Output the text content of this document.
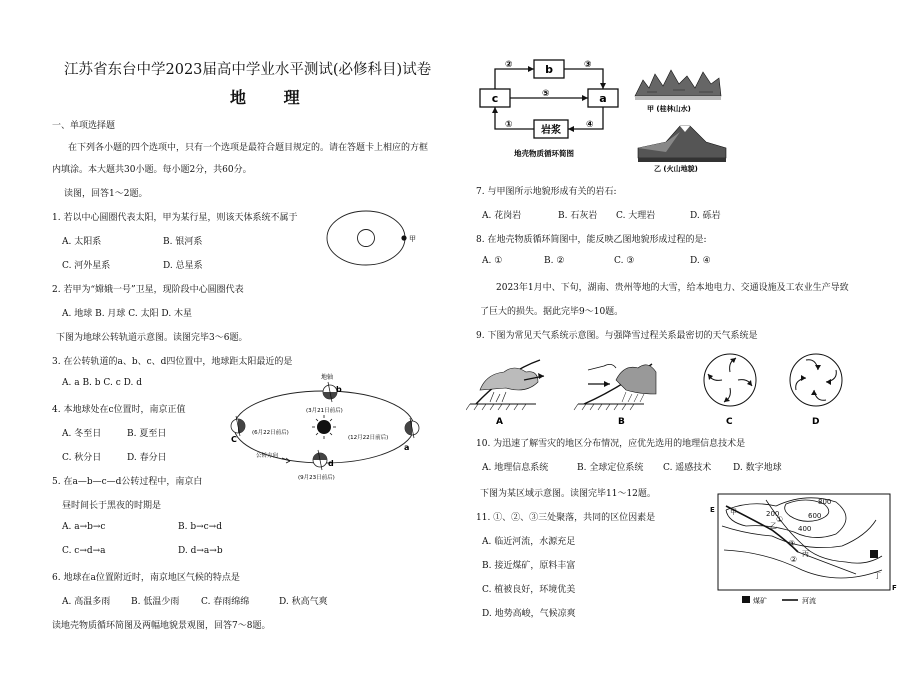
江苏省东台中学2023届高中学业水平测试(必修科目)试卷
地 理
一、单项选择题
在下列各小题的四个选项中，只有一个选项是最符合题目规定的。请在答题卡上相应的方框
内填涂。本大题共30小题。每小题2分，共60分。
读图，回答1～2题。
1. 若以中心圆圈代表太阳，甲为某行星，则该天体系统不属于
A. 太阳系	B. 银河系
C. 河外星系	D. 总星系
甲
2. 若甲为“嫦娥一号”卫星，现阶段中心圆圈代表
A. 地球 B. 月球 C. 太阳 D. 木星
下图为地球公转轨道示意图。读图完毕3～6题。
3. 在公转轨道的a、b、c、d四位置中，地球距太阳最近的是
A. a B. b C. c D. d
地轴
b
(3月21日前后)
C
(6月22日前后)
a
(12月22日前后)
d
(9月23日前后)
公转方向
4. 本地球处在c位置时，南京正值
A. 冬至日	B. 夏至日
C. 秋分日	D. 春分日
5. 在a—b—c—d公转过程中，南京白
昼时间长于黑夜的时期是
A. a→b→c	B. b→c→d
C. c→d→a	D. d→a→b
6. 地球在a位置附近时，南京地区气候的特点是
A. 高温多雨 B. 低温少雨 C. 春雨绵绵	D. 秋高气爽
读地壳物质循环简图及两幅地貌景观图，回答7～8题。
b
c	a
岩浆
②	③
⑤
④
①
地壳物质循环简图
甲 (桂林山水)
乙 (火山地貌)
7. 与甲图所示地貌形成有关的岩石:
A. 花岗岩	B. 石灰岩 C. 大理岩	D. 砾岩
8. 在地壳物质循环简图中，能反映乙图地貌形成过程的是:
A. ①	B. ②	C. ③	D. ④
2023年1月中、下旬，湖南、贵州等地的大雪，给本地电力、交通设施及工农业生产导致
了巨大的损失。据此完毕9～10题。
9. 下图为常见天气系统示意图。与强降雪过程关系最密切的天气系统是
A	B	C	D
10. 为迅速了解雪灾的地区分布情况，应优先选用的地理信息技术是
A. 地理信息系统	B. 全球定位系统 C. 遥感技术 D. 数字地球
下图为某区域示意图。读图完毕11～12题。
11. ①、②、③三处聚落，共同的区位因素是
A. 临近河流，水源充足
B. 接近煤矿，原料丰富
C. 植被良好，环境优美
D. 地势高峻，气候凉爽
800
600
400
200
E
F
甲
乙
丙
丁
①
③
②
煤矿	河流
